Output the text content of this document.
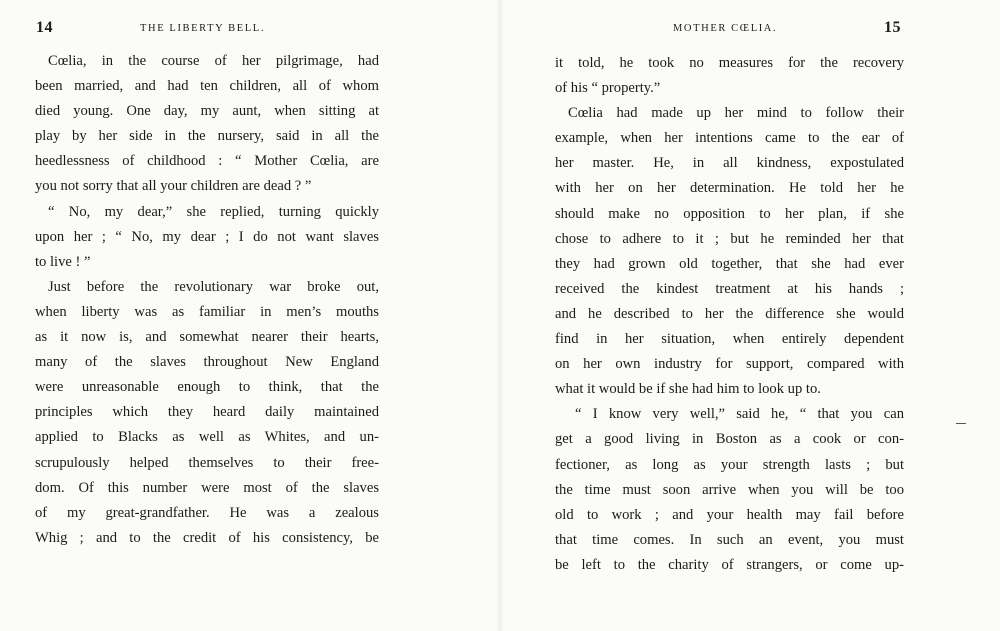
14	THE LIBERTY BELL.
Cœlia, in the course of her pilgrimage, had
been married, and had ten children, all of whom
died young. One day, my aunt, when sitting at
play by her side in the nursery, said in all the
heedlessness of childhood : “ Mother Cœlia, are
you not sorry that all your children are dead ? ”
“ No, my dear,” she replied, turning quickly
upon her ; “ No, my dear ; I do not want slaves
to live ! ”
Just before the revolutionary war broke out,
when liberty was as familiar in men’s mouths
as it now is, and somewhat nearer their hearts,
many of the slaves throughout New England
were unreasonable enough to think, that the
principles which they heard daily maintained
applied to Blacks as well as Whites, and un-
scrupulously helped themselves to their free-
dom. Of this number were most of the slaves
of my great-grandfather. He was a zealous
Whig ; and to the credit of his consistency, be
MOTHER CŒLIA.	15
it told, he took no measures for the recovery
of his “ property.”
Cœlia had made up her mind to follow their
example, when her intentions came to the ear of
her master. He, in all kindness, expostulated
with her on her determination. He told her he
should make no opposition to her plan, if she
chose to adhere to it ; but he reminded her that
they had grown old together, that she had ever
received the kindest treatment at his hands ;
and he described to her the difference she would
find in her situation, when entirely dependent
on her own industry for support, compared with
what it would be if she had him to look up to.
“ I know very well,” said he, “ that you can
get a good living in Boston as a cook or con-
fectioner, as long as your strength lasts ; but
the time must soon arrive when you will be too
old to work ; and your health may fail before
that time comes. In such an event, you must
be left to the charity of strangers, or come up-
